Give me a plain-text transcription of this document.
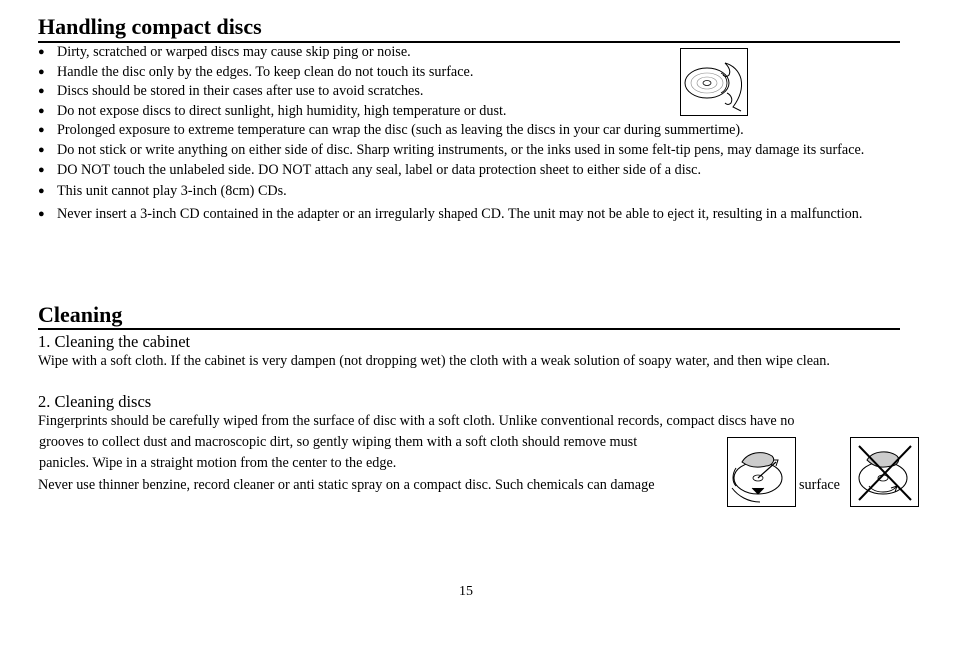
Handling compact discs
● Dirty, scratched or warped discs may cause skip ping or noise.
● Handle the disc only by the edges. To keep clean do not touch its surface.
● Discs should be stored in their cases after use to avoid scratches.
● Do not expose discs to direct sunlight, high humidity, high temperature or dust.
● Prolonged exposure to extreme temperature can wrap the disc (such as leaving the discs in your car during summertime).
● Do not stick or write anything on either side of disc. Sharp writing instruments, or the inks used in some felt-tip pens, may damage its surface.
● DO NOT touch the unlabeled side. DO NOT attach any seal, label or data protection sheet to either side of a disc.
● This unit cannot play 3-inch (8cm) CDs.
● Never insert a 3-inch CD contained in the adapter or an irregularly shaped CD. The unit may not be able to eject it, resulting in a malfunction.
Cleaning
1. Cleaning the cabinet
Wipe with a soft cloth. If the cabinet is very dampen (not dropping wet) the cloth with a weak solution of soapy water, and then wipe clean.
2. Cleaning discs
Fingerprints should be carefully wiped from the surface of disc with a soft cloth. Unlike conventional records, compact discs have no
grooves to collect dust and macroscopic dirt, so gently wiping them with a soft cloth should remove must
panicles. Wipe in a straight motion from the center to the edge.
Never use thinner benzine, record cleaner or anti static spray on a compact disc. Such chemicals can damage	surface
15
